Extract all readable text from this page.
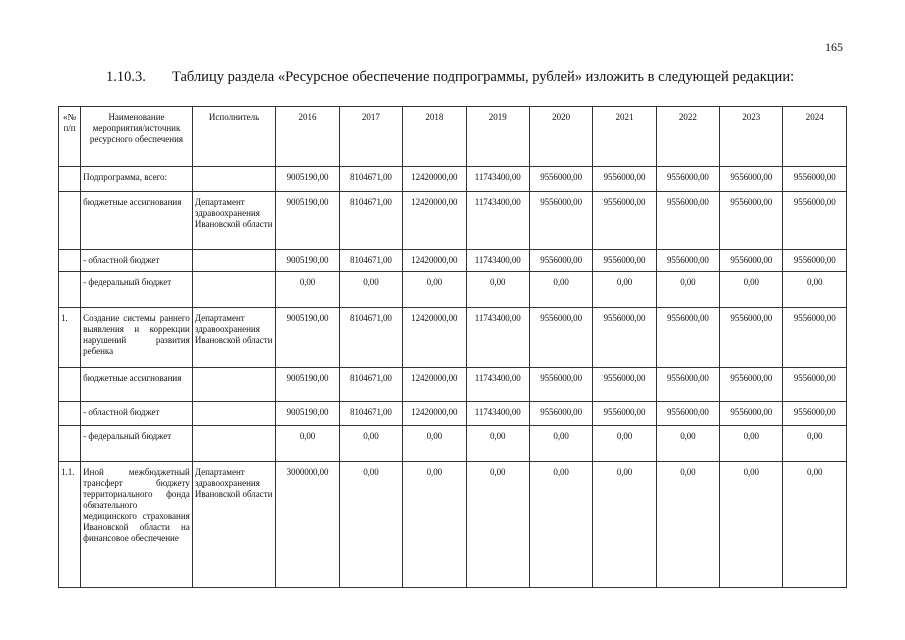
165
1.10.3. Таблицу раздела «Ресурсное обеспечение подпрограммы, рублей» изложить в следующей редакции:
«№ п/п	Наименование мероприятия/источник ресурсного обеспечения	Исполнитель	2016	2017	2018	2019	2020	2021	2022	2023	2024
	Подпрограмма, всего:		9005190,00	8104671,00	12420000,00	11743400,00	9556000,00	9556000,00	9556000,00	9556000,00	9556000,00
	бюджетные ассигнования	Департамент здравоохранения Ивановской области	9005190,00	8104671,00	12420000,00	11743400,00	9556000,00	9556000,00	9556000,00	9556000,00	9556000,00
	- областной бюджет		9005190,00	8104671,00	12420000,00	11743400,00	9556000,00	9556000,00	9556000,00	9556000,00	9556000,00
	- федеральный бюджет		0,00	0,00	0,00	0,00	0,00	0,00	0,00	0,00	0,00
1.	Создание системы раннего выявления и коррекции нарушений развития ребенка	Департамент здравоохранения Ивановской области	9005190,00	8104671,00	12420000,00	11743400,00	9556000,00	9556000,00	9556000,00	9556000,00	9556000,00
	бюджетные ассигнования		9005190,00	8104671,00	12420000,00	11743400,00	9556000,00	9556000,00	9556000,00	9556000,00	9556000,00
	- областной бюджет		9005190,00	8104671,00	12420000,00	11743400,00	9556000,00	9556000,00	9556000,00	9556000,00	9556000,00
	- федеральный бюджет		0,00	0,00	0,00	0,00	0,00	0,00	0,00	0,00	0,00
1.1.	Иной межбюджетный трансферт бюджету территориального фонда обязательного медицинского страхования Ивановской области на финансовое обеспечение	Департамент здравоохранения Ивановской области	3000000,00	0,00	0,00	0,00	0,00	0,00	0,00	0,00	0,00
